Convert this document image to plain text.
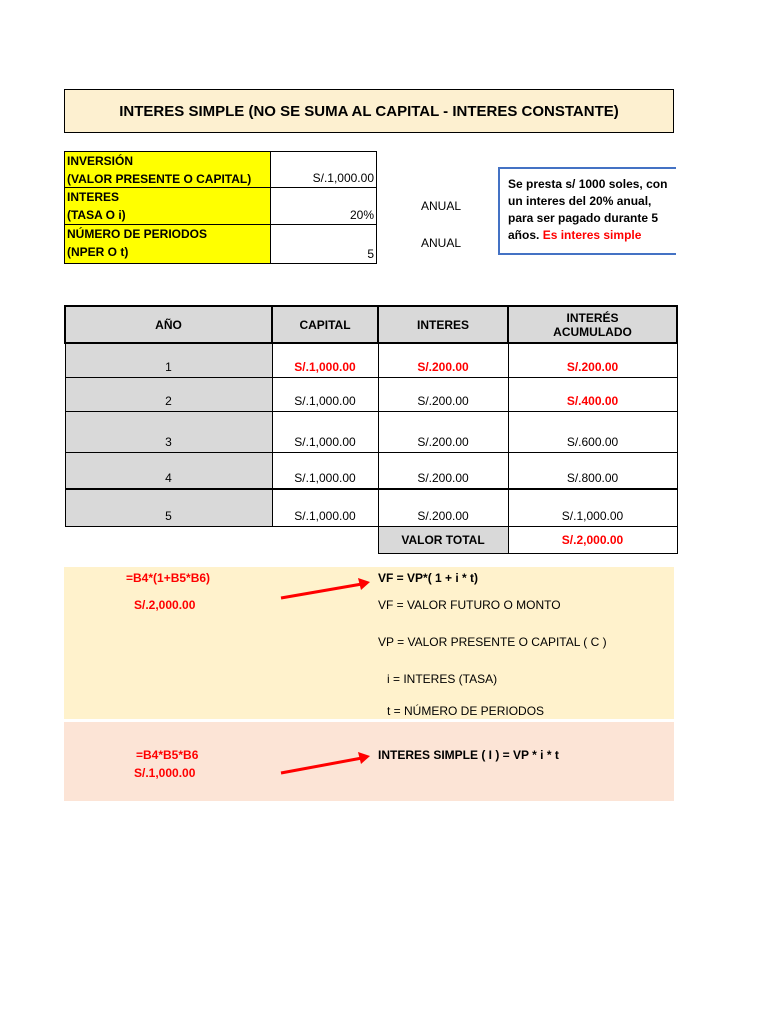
INTERES SIMPLE (NO SE SUMA AL CAPITAL - INTERES CONSTANTE)
INVERSIÓN
(VALOR PRESENTE O CAPITAL)	S/.1,000.00
INTERES
(TASA O i)	20%
ANUAL
NÚMERO DE PERIODOS
(NPER O t)	5
ANUAL
Se presta s/ 1000 soles, con un interes del 20% anual, para ser pagado durante 5 años. Es interes simple
AÑO	CAPITAL	INTERES	INTERÉS
ACUMULADO

1	S/.1,000.00	S/.200.00	S/.200.00
2	S/.1,000.00	S/.200.00	S/.400.00
3	S/.1,000.00	S/.200.00	S/.600.00
4	S/.1,000.00	S/.200.00	S/.800.00
5	S/.1,000.00	S/.200.00	S/.1,000.00
		VALOR TOTAL	S/.2,000.00
=B4*(1+B5*B6)
S/.2,000.00
VF = VP*( 1 + i * t)
VF = VALOR FUTURO O MONTO
VP = VALOR PRESENTE O CAPITAL ( C )
i = INTERES (TASA)
t = NÚMERO DE PERIODOS
=B4*B5*B6
S/.1,000.00
INTERES SIMPLE ( I ) = VP * i * t
